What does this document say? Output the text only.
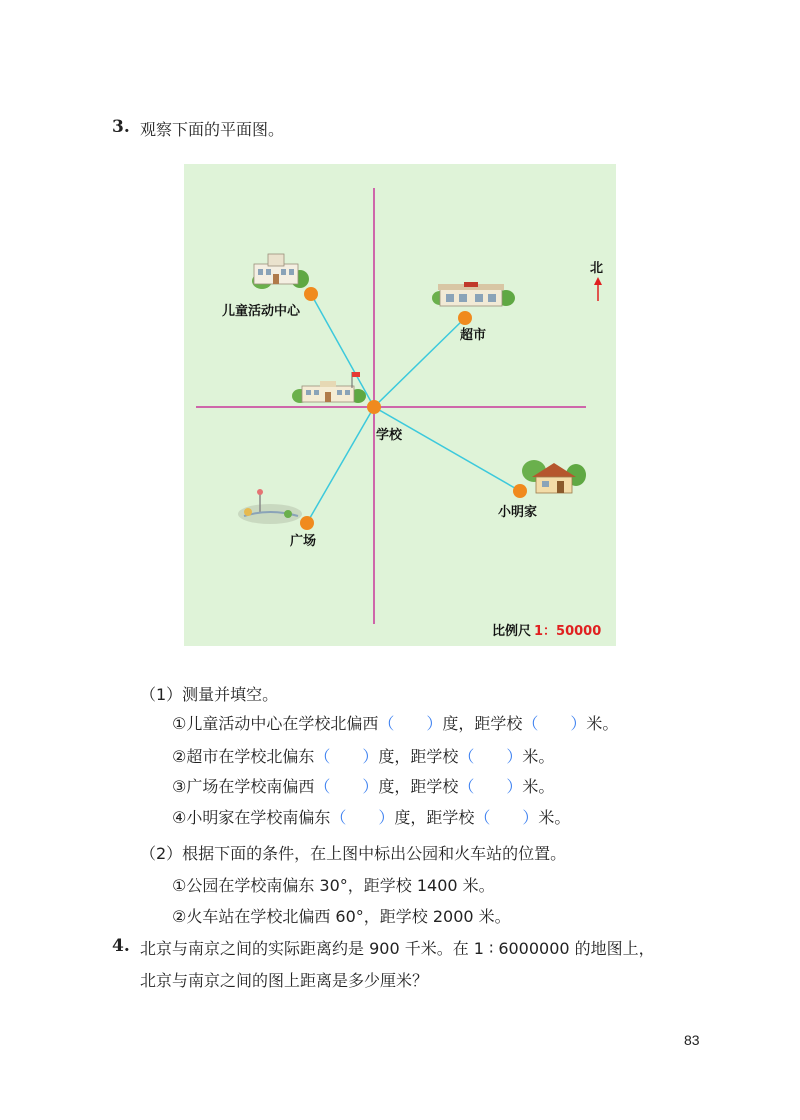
3. 观察下面的平面图。
儿童活动中心
超市
学校
小明家
广场
北
比例尺 1：50000
（1）测量并填空。
①儿童活动中心在学校北偏西（  ）度，距学校（  ）米。
②超市在学校北偏东（  ）度，距学校（  ）米。
③广场在学校南偏西（  ）度，距学校（  ）米。
④小明家在学校南偏东（  ）度，距学校（  ）米。
（2）根据下面的条件，在上图中标出公园和火车站的位置。
①公园在学校南偏东 30°，距学校 1400 米。
②火车站在学校北偏西 60°，距学校 2000 米。
4. 北京与南京之间的实际距离约是 900 千米。在 1 ∶ 6000000 的地图上，
北京与南京之间的图上距离是多少厘米？
83
